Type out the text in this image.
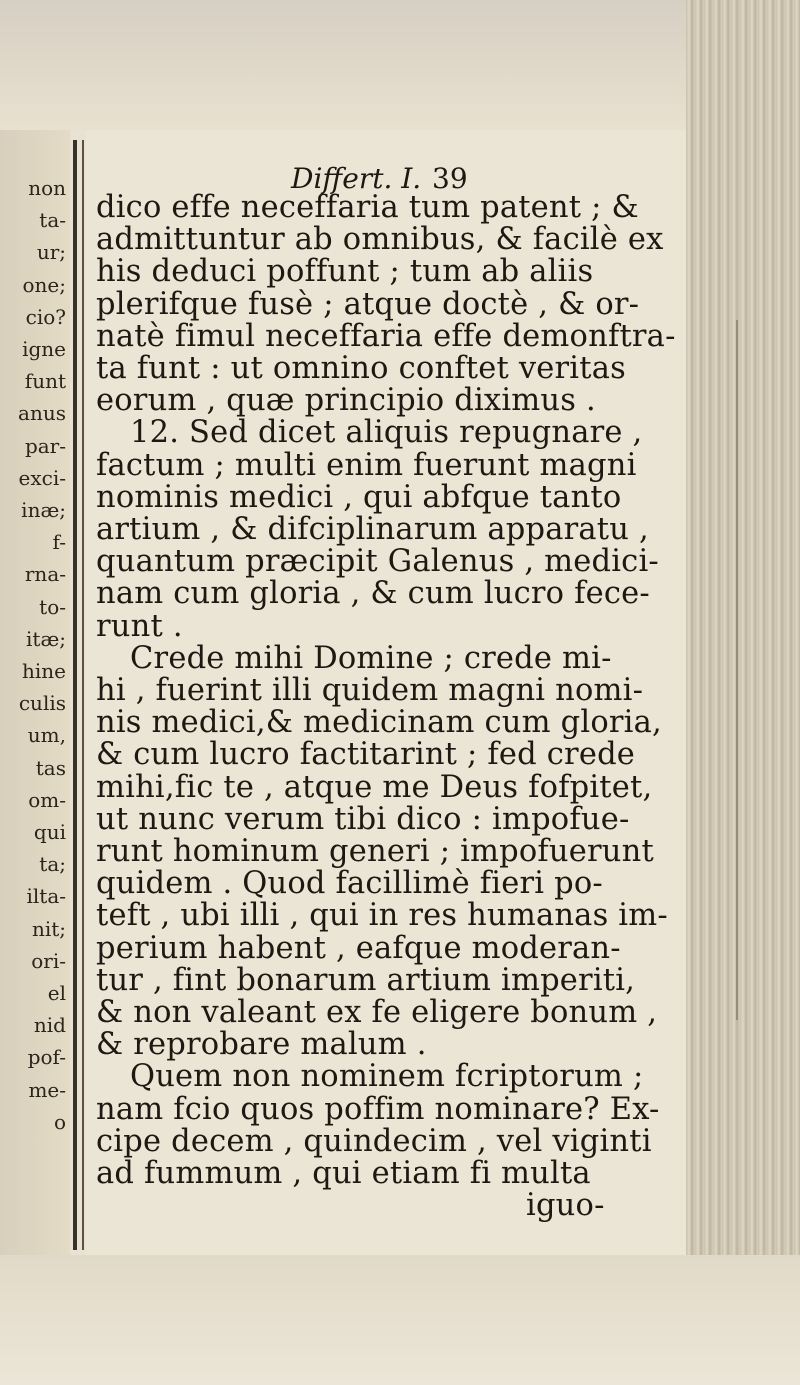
non
ta-
ur;
one;
cio?
igne
funt
anus
par-
exci-
inæ;
f-
rna-
to-
itæ;
hine
culis
um,
tas
om-
qui
ta;
ilta-
nit;
ori-
el
nid
pof-
me-
o
Differt. I. 39
dico effe neceffaria tum patent ; &
admittuntur ab omnibus, & facilè ex
his deduci poffunt ; tum ab aliis
plerifque fusè ; atque doctè , & or-
natè fimul neceffaria effe demonftra-
ta funt : ut omnino conftet veritas
eorum , quæ principio diximus .
12. Sed dicet aliquis repugnare ,
factum ; multi enim fuerunt magni
nominis medici , qui abfque tanto
artium , & difciplinarum apparatu ,
quantum præcipit Galenus , medici-
nam cum gloria , & cum lucro fece-
runt .
Crede mihi Domine ; crede mi-
hi , fuerint illi quidem magni nomi-
nis medici,& medicinam cum gloria,
& cum lucro factitarint ; fed crede
mihi,fic te , atque me Deus fofpitet,
ut nunc verum tibi dico : impofue-
runt hominum generi ; impofuerunt
quidem . Quod facillimè fieri po-
teft , ubi illi , qui in res humanas im-
perium habent , eafque moderan-
tur , fint bonarum artium imperiti,
& non valeant ex fe eligere bonum ,
& reprobare malum .
Quem non nominem fcriptorum ;
nam fcio quos poffim nominare? Ex-
cipe decem , quindecim , vel viginti
ad fummum , qui etiam fi multa
iguo-
